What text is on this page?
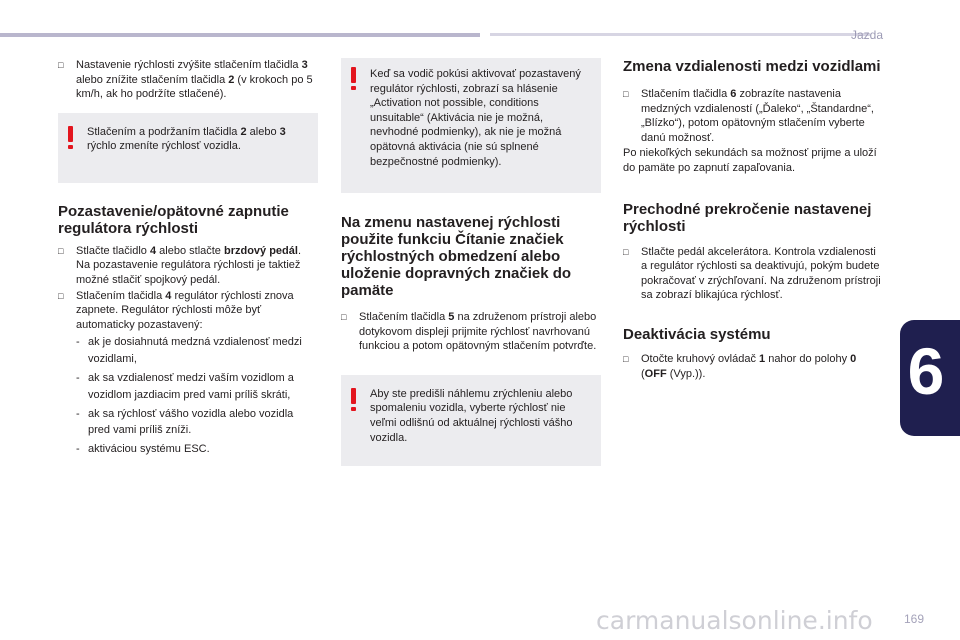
Jazda
6
□ Nastavenie rýchlosti zvýšite stlačením tlačidla 3 alebo znížite stlačením tlačidla 2 (v krokoch po 5 km/h, ak ho podržíte stlačené).
Stlačením a podržaním tlačidla 2 alebo 3 rýchlo zmeníte rýchlosť vozidla.
Pozastavenie/opätovné zapnutie regulátora rýchlosti
□ Stlačte tlačidlo 4 alebo stlačte brzdový pedál. Na pozastavenie regulátora rýchlosti je taktiež možné stlačiť spojkový pedál.
□ Stlačením tlačidla 4 regulátor rýchlosti znova zapnete. Regulátor rýchlosti môže byť automaticky pozastavený:
- ak je dosiahnutá medzná vzdialenosť medzi vozidlami,
- ak sa vzdialenosť medzi vaším vozidlom a vozidlom jazdiacim pred vami príliš skráti,
- ak sa rýchlosť vášho vozidla alebo vozidla pred vami príliš zníži.
- aktiváciou systému ESC.
Keď sa vodič pokúsi aktivovať pozastavený regulátor rýchlosti, zobrazí sa hlásenie „Activation not possible, conditions unsuitable“ (Aktivácia nie je možná, nevhodné podmienky), ak nie je možná opätovná aktivácia (nie sú splnené bezpečnostné podmienky).
Na zmenu nastavenej rýchlosti použite funkciu Čítanie značiek rýchlostných obmedzení alebo uloženie dopravných značiek do pamäte
□ Stlačením tlačidla 5 na združenom prístroji alebo dotykovom displeji prijmite rýchlosť navrhovanú funkciou a potom opätovným stlačením potvrďte.
Aby ste predišli náhlemu zrýchleniu alebo spomaleniu vozidla, vyberte rýchlosť nie veľmi odlišnú od aktuálnej rýchlosti vášho vozidla.
Zmena vzdialenosti medzi vozidlami
□ Stlačením tlačidla 6 zobrazíte nastavenia medzných vzdialeností („Ďaleko“, „Štandardne“, „Blízko“), potom opätovným stlačením vyberte danú možnosť.
Po niekoľkých sekundách sa možnosť prijme a uloží do pamäte po zapnutí zapaľovania.
Prechodné prekročenie nastavenej rýchlosti
□ Stlačte pedál akcelerátora. Kontrola vzdialenosti a regulátor rýchlosti sa deaktivujú, pokým budete pokračovať v zrýchľovaní. Na združenom prístroji sa zobrazí blikajúca rýchlosť.
Deaktivácia systému
□ Otočte kruhový ovládač 1 nahor do polohy 0 (OFF (Vyp.)).
carmanualsonline.info	169
